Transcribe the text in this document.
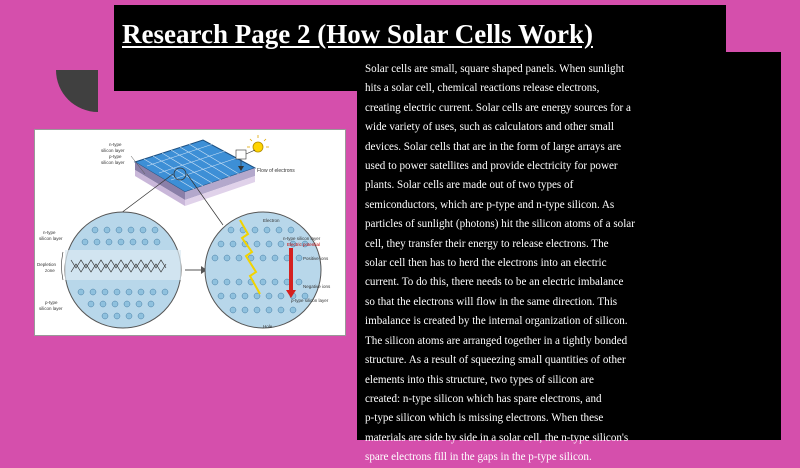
Research Page 2 (How Solar Cells Work)
Flow of electrons
n-type
silicon layer
p-type
silicon layer
n-type
silicon layer
Depletion
zone
p-type
silicon layer
Electron
n-type silicon layer
Electric potential
Positive ions
Negative ions
p-type silicon layer
Hole

Solar cells are small, square shaped panels. When sunlight

hits a solar cell, chemical reactions release electrons,

creating electric current. Solar cells are energy sources for a

wide variety of uses, such as calculators and other small

devices. Solar cells that are in the form of large arrays are

used to power satellites and provide electricity for power

plants. Solar cells are made out of two types of

semiconductors, which are p-type and n-type silicon. As

particles of sunlight (photons) hit the silicon atoms of a solar

cell, they transfer their energy to release electrons. The

solar cell then has to herd the electrons into an electric

current. To do this, there needs to be an electric imbalance

so that the electrons will flow in the same direction. This

imbalance is created by the internal organization of silicon.

The silicon atoms are arranged together in a tightly bonded

structure. As a result of squeezing small quantities of other

elements into this structure, two types of silicon are

created: n-type silicon which has spare electrons, and

p-type silicon which is missing electrons. When these

materials are side by side in a solar cell, the n-type silicon's

spare electrons fill in the gaps in the p-type silicon.
